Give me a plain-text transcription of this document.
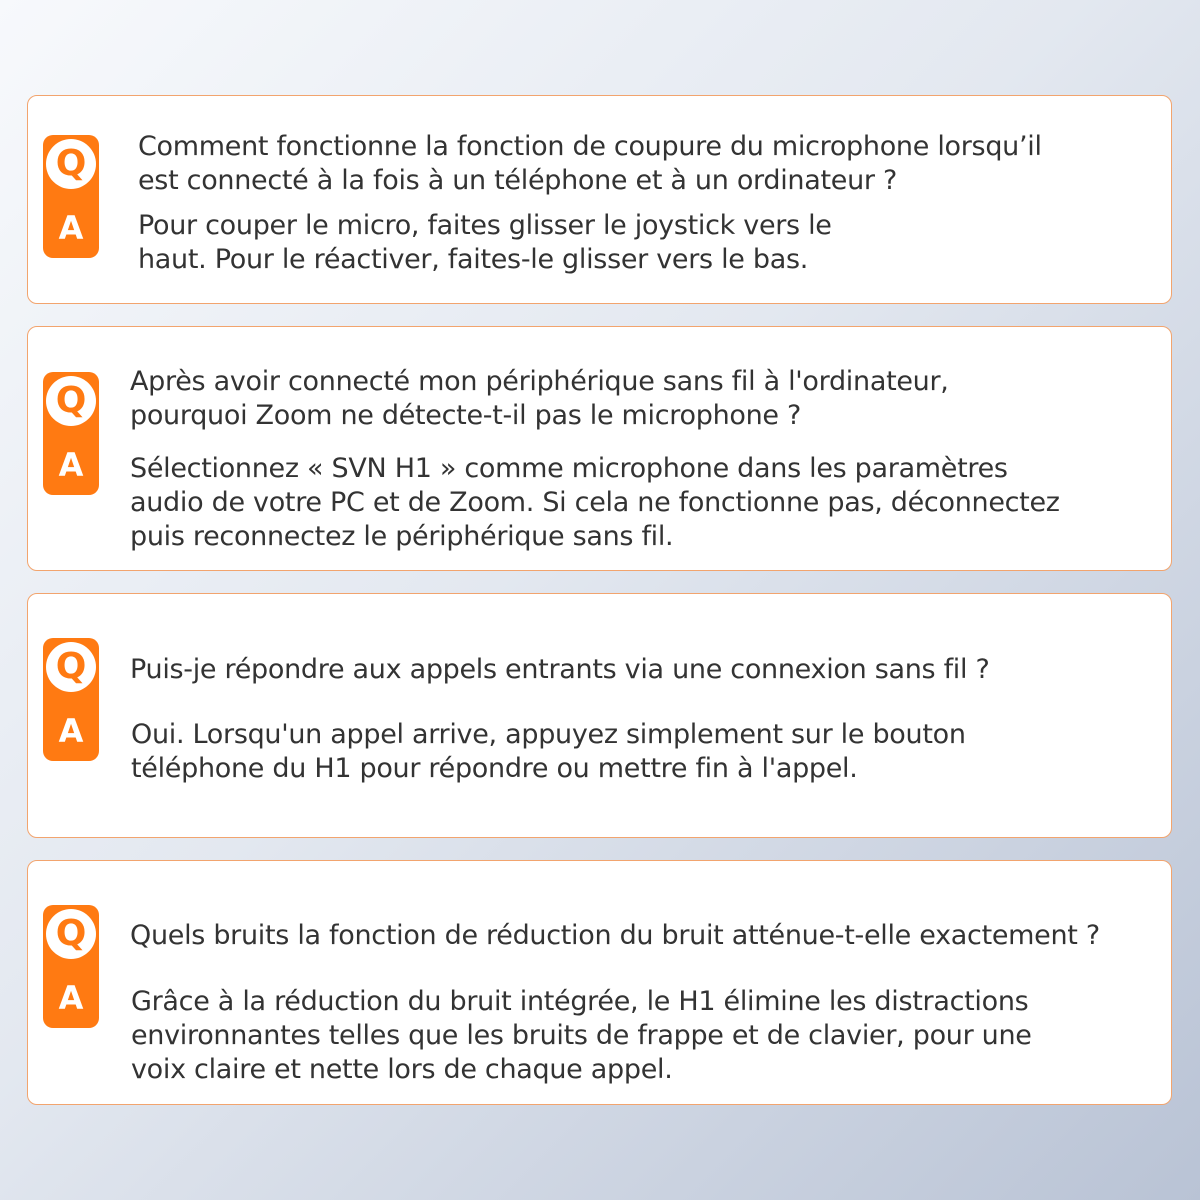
Q
A
Comment fonctionne la fonction de coupure du microphone lorsqu’il
est connecté à la fois à un téléphone et à un ordinateur ?
Pour couper le micro, faites glisser le joystick vers le
haut. Pour le réactiver, faites-le glisser vers le bas.
Q
A
Après avoir connecté mon périphérique sans fil à l'ordinateur,
pourquoi Zoom ne détecte-t-il pas le microphone ?
Sélectionnez « SVN H1 » comme microphone dans les paramètres
audio de votre PC et de Zoom. Si cela ne fonctionne pas, déconnectez
puis reconnectez le périphérique sans fil.
Q
A
Puis-je répondre aux appels entrants via une connexion sans fil ?
Oui. Lorsqu'un appel arrive, appuyez simplement sur le bouton
téléphone du H1 pour répondre ou mettre fin à l'appel.
Q
A
Quels bruits la fonction de réduction du bruit atténue-t-elle exactement ?
Grâce à la réduction du bruit intégrée, le H1 élimine les distractions
environnantes telles que les bruits de frappe et de clavier, pour une
voix claire et nette lors de chaque appel.
